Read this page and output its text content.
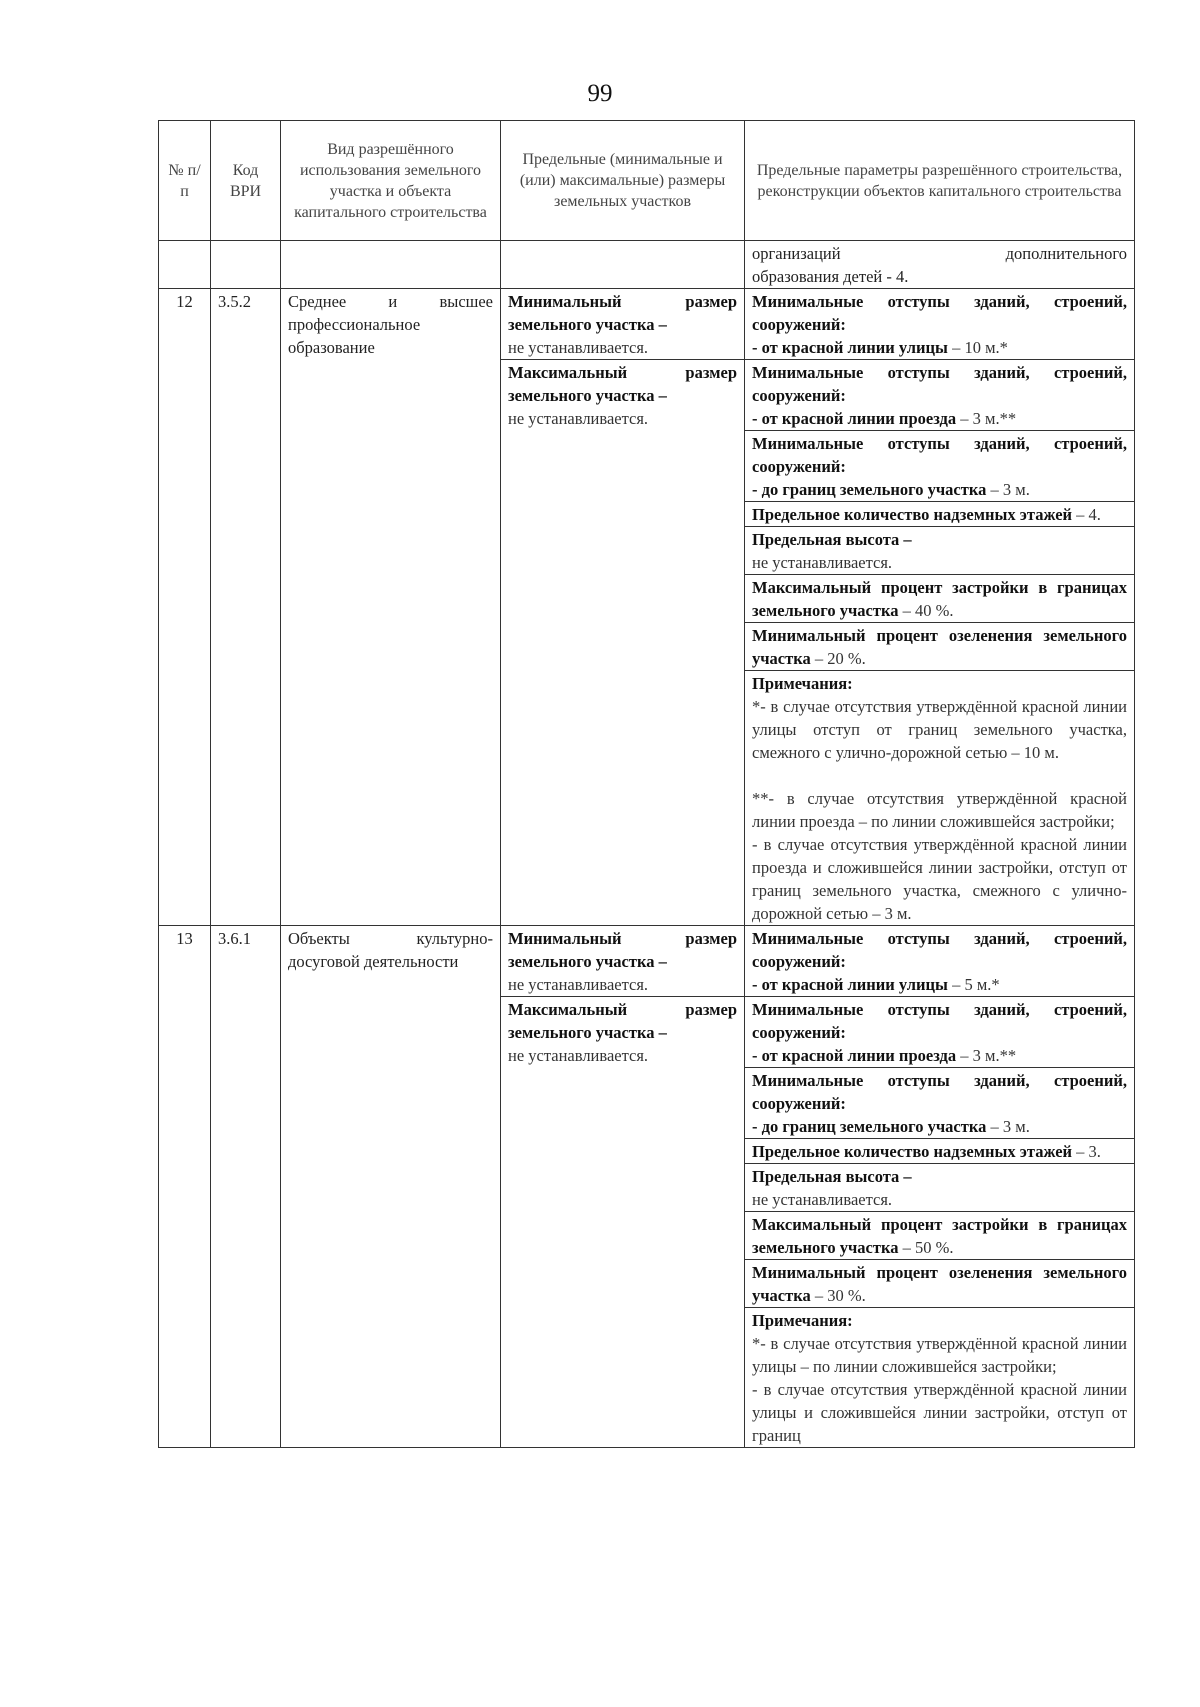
99
№ п/п	Код ВРИ	Вид разрешённого использования земельного участка и объекта капитального строительства	Предельные (минимальные и (или) максимальные) размеры земельных участков	Предельные параметры разрешённого строительства, реконструкции объектов капитального строительства

				организаций дополнительного
образования детей - 4.

12	3.5.2	Среднее и высшее профессиональное образование	Минимальный размер земельного участка –
не устанавливается.	Минимальные отступы зданий, строений, сооружений:
- от красной линии улицы – 10 м.*

			Максимальный размер земельного участка –
не устанавливается.	Минимальные отступы зданий, строений, сооружений:
- от красной линии проезда – 3 м.**

				Минимальные отступы зданий, строений, сооружений:
- до границ земельного участка – 3 м.

				Предельное количество надземных этажей – 4.

				Предельная высота –
не устанавливается.

				Максимальный процент застройки в границах земельного участка – 40 %.

				Минимальный процент озеленения земельного участка – 20 %.

				Примечания:
*- в случае отсутствия утверждённой красной линии улицы отступ от границ земельного участка, смежного с улично-дорожной сетью – 10 м.
**- в случае отсутствия утверждённой красной линии проезда – по линии сложившейся застройки;
- в случае отсутствия утверждённой красной линии проезда и сложившейся линии застройки, отступ от границ земельного участка, смежного с улично-дорожной сетью – 3 м.

13	3.6.1	Объекты культурно-досуговой деятельности	Минимальный размер земельного участка –
не устанавливается.	Минимальные отступы зданий, строений, сооружений:
- от красной линии улицы – 5 м.*

			Максимальный размер земельного участка –
не устанавливается.	Минимальные отступы зданий, строений, сооружений:
- от красной линии проезда – 3 м.**

				Минимальные отступы зданий, строений, сооружений:
- до границ земельного участка – 3 м.

				Предельное количество надземных этажей – 3.

				Предельная высота –
не устанавливается.

				Максимальный процент застройки в границах земельного участка – 50 %.

				Минимальный процент озеленения земельного участка – 30 %.

				Примечания:
*- в случае отсутствия утверждённой красной линии улицы – по линии сложившейся застройки;
- в случае отсутствия утверждённой красной линии улицы и сложившейся линии застройки, отступ от границ
